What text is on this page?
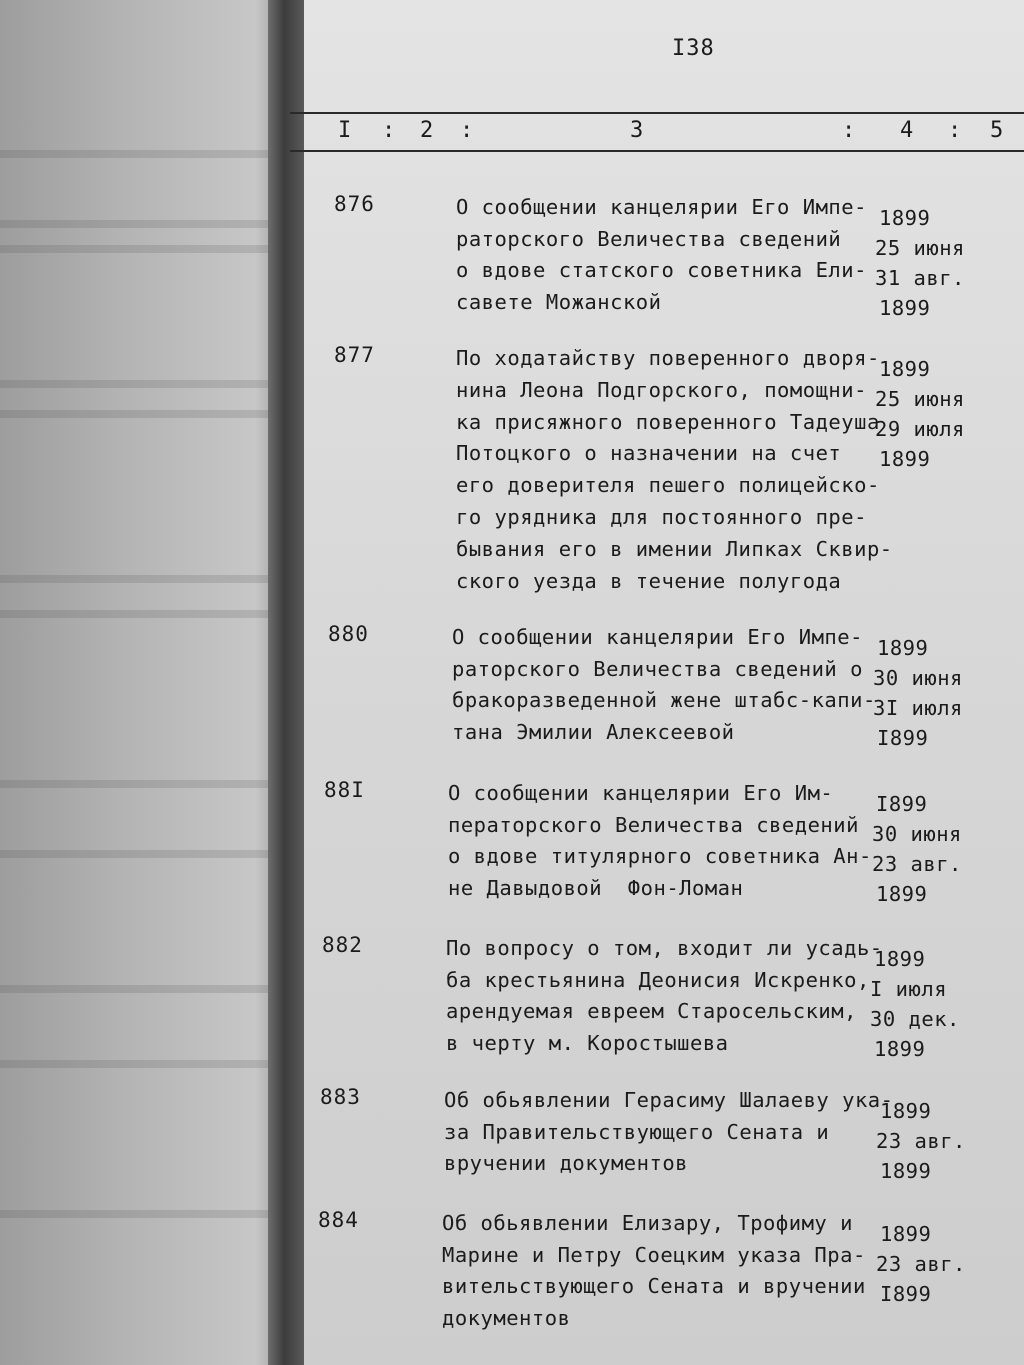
I38
I : 2 :	3	: 4 : 5
876	О сообщении канцелярии Его Импе-
раторского Величества сведений
о вдове статского советника Ели-
савете Можанской
1899
25 июня
31 авг.
1899
877	По ходатайству поверенного дворя-
нина Леона Подгорского, помощни-
ка присяжного поверенного Тадеуша
Потоцкого о назначении на счет
его доверителя пешего полицейско-
го урядника для постоянного пре-
бывания его в имении Липках Сквир-
ского уезда в течение полугода
1899
25 июня
29 июля
1899
880	О сообщении канцелярии Его Импе-
раторского Величества сведений о
бракоразведенной жене штабс-капи-
тана Эмилии Алексеевой
1899
30 июня
3I июля
I899
88I	О сообщении канцелярии Его Им-
ператорского Величества сведений
о вдове титулярного советника Ан-
не Давыдовой  Фон-Ломан
I899
30 июня
23 авг.
1899
882	По вопросу о том, входит ли усадь-
ба крестьянина Деонисия Искренко,
арендуемая евреем Старосельским,
в черту м. Коростышева
1899
I июля
30 дек.
1899
883	Об обьявлении Герасиму Шалаеву ука-
за Правительствующего Сената и
вручении документов
1899
23 авг.
1899
884	Об обьявлении Елизару, Трофиму и
Марине и Петру Соецким указа Пра-
вительствующего Сената и вручении
документов
1899
23 авг.
I899
